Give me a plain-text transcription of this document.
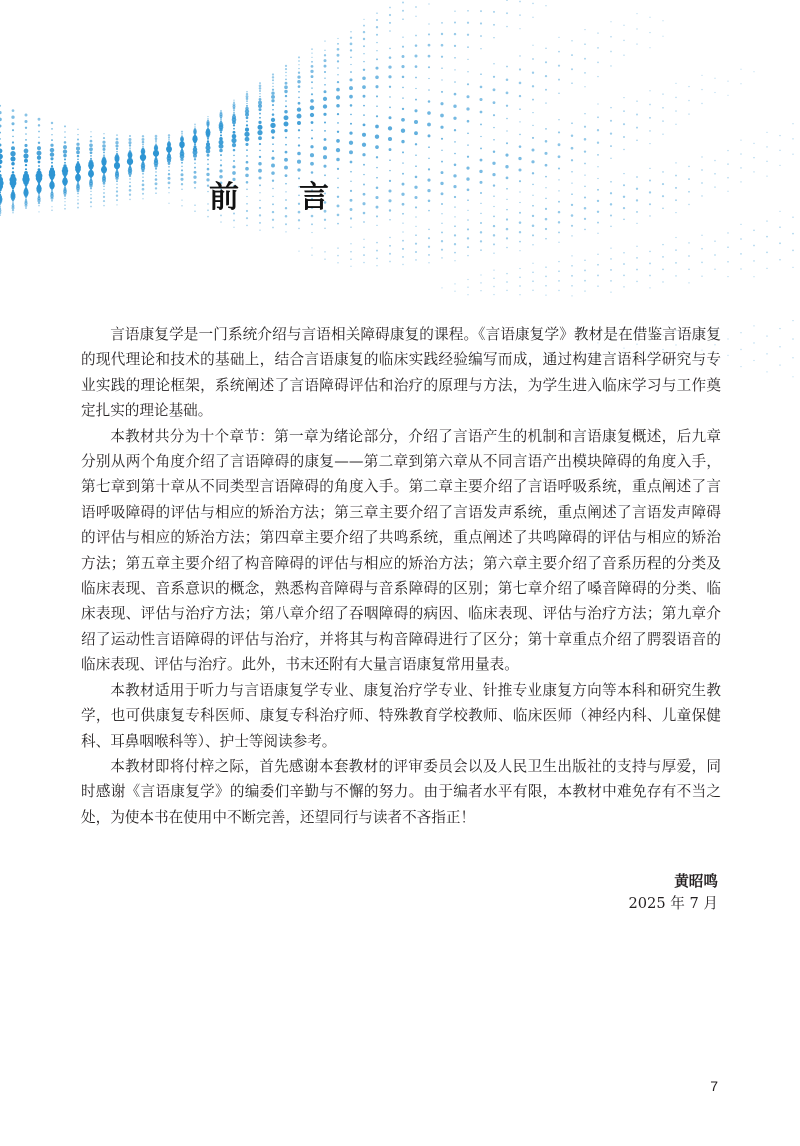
前 言

言语康复学是一门系统介绍与言语相关障碍康复的课程。《言语康复学》教材是在借鉴言语康复的现代理论和技术的基础上，结合言语康复的临床实践经验编写而成，通过构建言语科学研究与专业实践的理论框架，系统阐述了言语障碍评估和治疗的原理与方法，为学生进入临床学习与工作奠定扎实的理论基础。

本教材共分为十个章节：第一章为绪论部分，介绍了言语产生的机制和言语康复概述，后九章分别从两个角度介绍了言语障碍的康复——第二章到第六章从不同言语产出模块障碍的角度入手，第七章到第十章从不同类型言语障碍的角度入手。第二章主要介绍了言语呼吸系统，重点阐述了言语呼吸障碍的评估与相应的矫治方法；第三章主要介绍了言语发声系统，重点阐述了言语发声障碍的评估与相应的矫治方法；第四章主要介绍了共鸣系统，重点阐述了共鸣障碍的评估与相应的矫治方法；第五章主要介绍了构音障碍的评估与相应的矫治方法；第六章主要介绍了音系历程的分类及临床表现、音系意识的概念，熟悉构音障碍与音系障碍的区别；第七章介绍了嗓音障碍的分类、临床表现、评估与治疗方法；第八章介绍了吞咽障碍的病因、临床表现、评估与治疗方法；第九章介绍了运动性言语障碍的评估与治疗，并将其与构音障碍进行了区分；第十章重点介绍了腭裂语音的临床表现、评估与治疗。此外，书末还附有大量言语康复常用量表。

本教材适用于听力与言语康复学专业、康复治疗学专业、针推专业康复方向等本科和研究生教学，也可供康复专科医师、康复专科治疗师、特殊教育学校教师、临床医师（神经内科、儿童保健科、耳鼻咽喉科等）、护士等阅读参考。

本教材即将付梓之际，首先感谢本套教材的评审委员会以及人民卫生出版社的支持与厚爱，同时感谢《言语康复学》的编委们辛勤与不懈的努力。由于编者水平有限，本教材中难免存有不当之处，为使本书在使用中不断完善，还望同行与读者不吝指正！

黄昭鸣
2025 年 7 月
7
